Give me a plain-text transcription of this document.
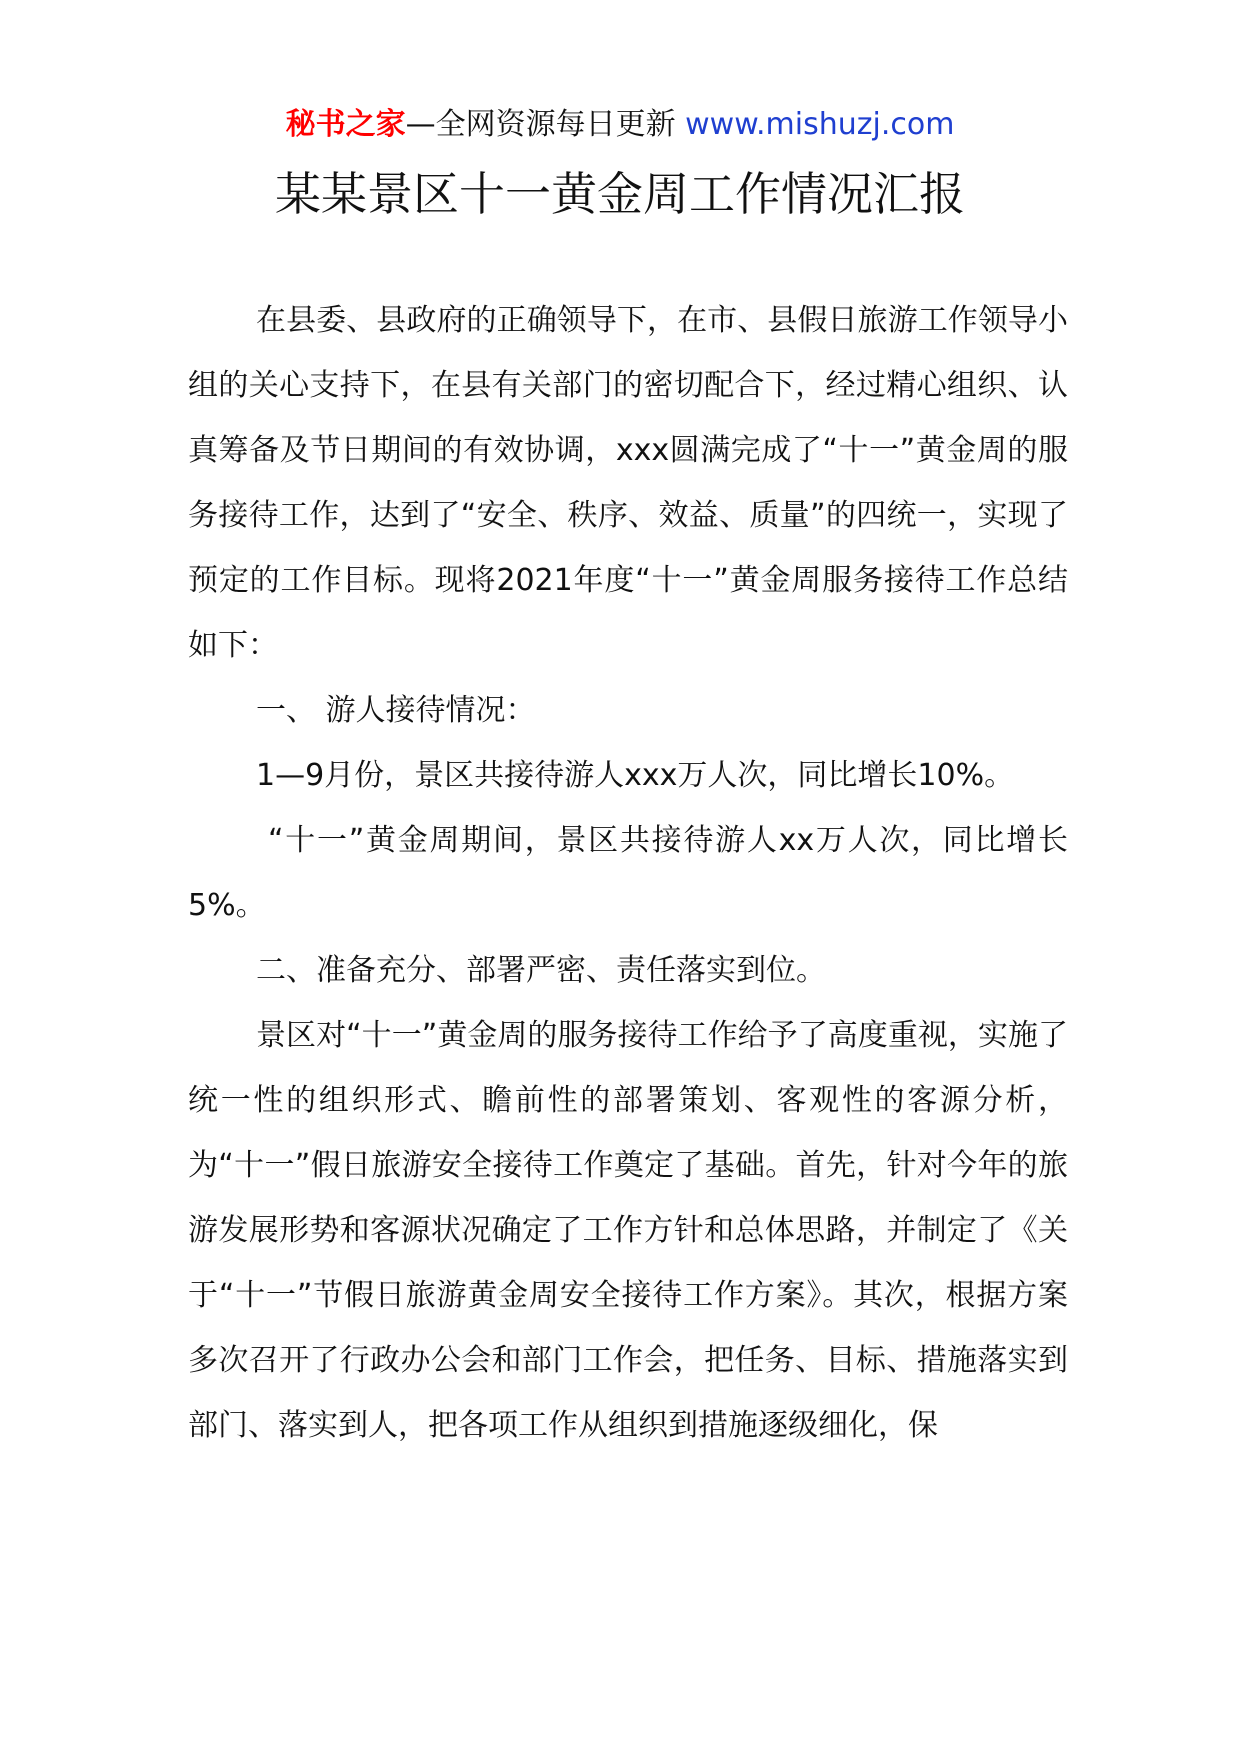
秘书之家—全网资源每日更新 www.mishuzj.com
某某景区十一黄金周工作情况汇报

在县委、县政府的正确领导下，在市、县假日旅游工作领导小组的关心支持下，在县有关部门的密切配合下，经过精心组织、认真筹备及节日期间的有效协调，xxx圆满完成了“十一”黄金周的服务接待工作，达到了“安全、秩序、效益、质量”的四统一，实现了预定的工作目标。现将2021年度“十一”黄金周服务接待工作总结如下：

一、 游人接待情况：

1—9月份，景区共接待游人xxx万人次，同比增长10%。

“十一”黄金周期间，景区共接待游人xx万人次，同比增长5%。

二、准备充分、部署严密、责任落实到位。

景区对“十一”黄金周的服务接待工作给予了高度重视，实施了统一性的组织形式、瞻前性的部署策划、客观性的客源分析，为“十一”假日旅游安全接待工作奠定了基础。首先，针对今年的旅游发展形势和客源状况确定了工作方针和总体思路，并制定了《关于“十一”节假日旅游黄金周安全接待工作方案》。其次，根据方案多次召开了行政办公会和部门工作会，把任务、目标、措施落实到部门、落实到人，把各项工作从组织到措施逐级细化，保
